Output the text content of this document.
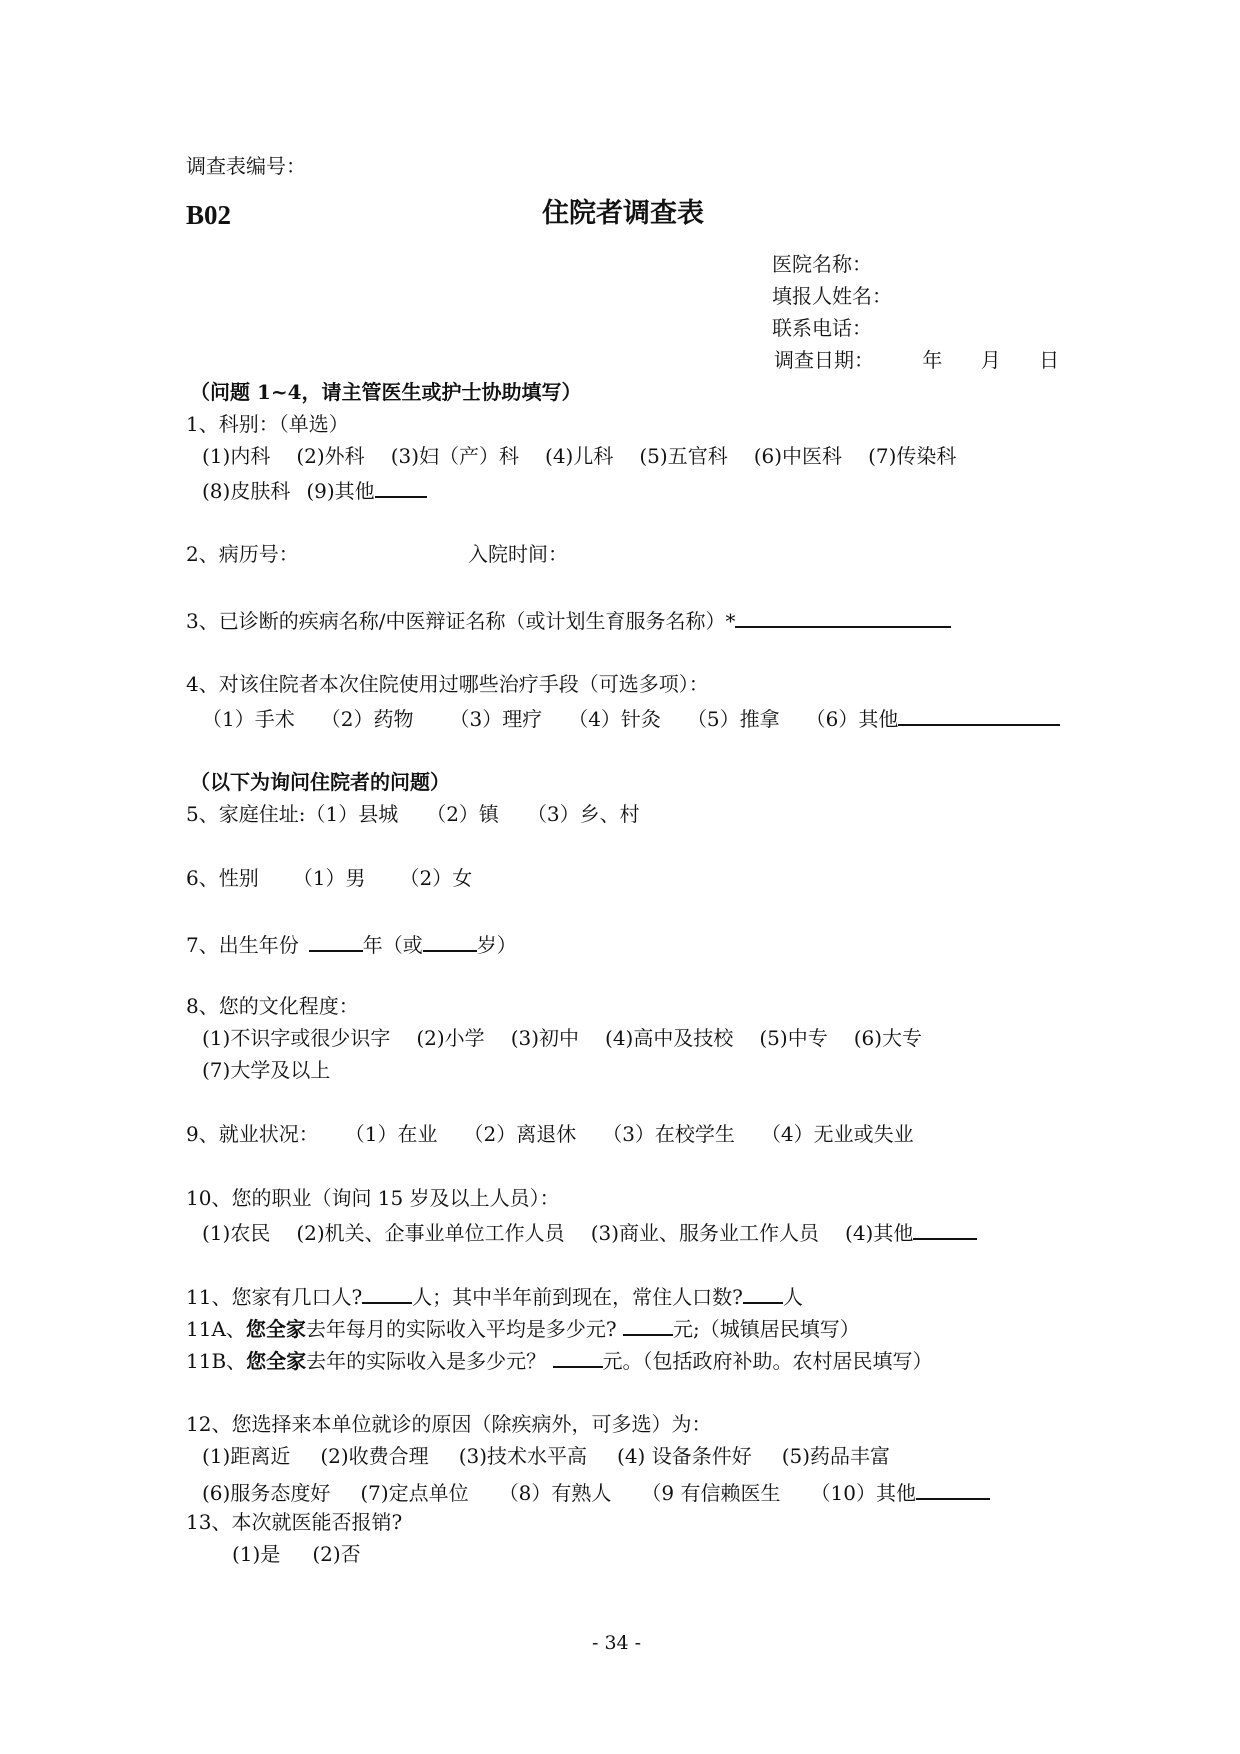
调查表编号：
B02	住院者调查表
医院名称：
填报人姓名：
联系电话：
调查日期： 年 月 日
（问题 1~4，请主管医生或护士协助填写）
1、科别：（单选）
(1)内科 (2)外科 (3)妇（产）科 (4)儿科 (5)五官科 (6)中医科 (7)传染科
(8)皮肤科 (9)其他
2、病历号：	入院时间：
3、已诊断的疾病名称/中医辩证名称（或计划生育服务名称）*
4、对该住院者本次住院使用过哪些治疗手段（可选多项）：
（1）手术 （2）药物 （3）理疗 （4）针灸 （5）推拿 （6）其他
（以下为询问住院者的问题）
5、家庭住址:（1）县城 （2）镇 （3）乡、村
6、性别 （1）男 （2）女
7、出生年份	年（或	岁）
8、您的文化程度：
(1)不识字或很少识字 (2)小学 (3)初中 (4)高中及技校 (5)中专 (6)大专
(7)大学及以上
9、就业状况： （1）在业 （2）离退休 （3）在校学生 （4）无业或失业
10、您的职业（询问 15 岁及以上人员）：
(1)农民 (2)机关、企事业单位工作人员 (3)商业、服务业工作人员 (4)其他
11、您家有几口人?	人；其中半年前到现在，常住人口数? 人
11A、您全家去年每月的实际收入平均是多少元?	元;（城镇居民填写）
11B、您全家去年的实际收入是多少元？	元。（包括政府补助。农村居民填写）
12、您选择来本单位就诊的原因（除疾病外，可多选）为：
(1)距离近 (2)收费合理 (3)技术水平高 (4) 设备条件好 (5)药品丰富
(6)服务态度好 (7)定点单位 （8）有熟人 （9 有信赖医生 （10）其他
13、本次就医能否报销?
(1)是 (2)否
- 34 -
